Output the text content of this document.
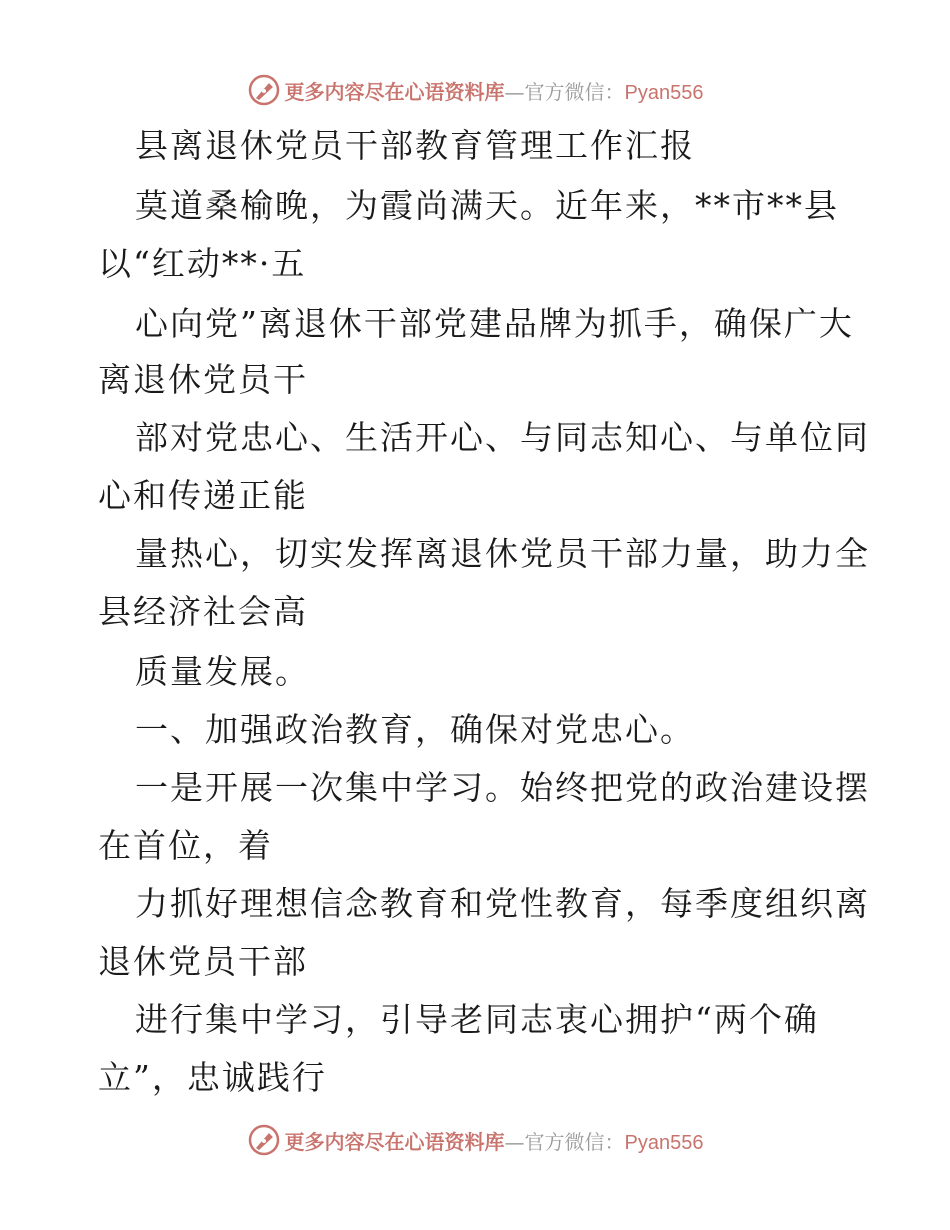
更多内容尽在心语资料库—官方微信：Pyan556
县离退休党员干部教育管理工作汇报
莫道桑榆晚，为霞尚满天。近年来，**市**县
以“红动**·五
心向党”离退休干部党建品牌为抓手，确保广大
离退休党员干
部对党忠心、生活开心、与同志知心、与单位同
心和传递正能
量热心，切实发挥离退休党员干部力量，助力全
县经济社会高
质量发展。
一、加强政治教育，确保对党忠心。
一是开展一次集中学习。始终把党的政治建设摆
在首位，着
力抓好理想信念教育和党性教育，每季度组织离
退休党员干部
进行集中学习，引导老同志衷心拥护“两个确
立”，忠诚践行
更多内容尽在心语资料库—官方微信：Pyan556
